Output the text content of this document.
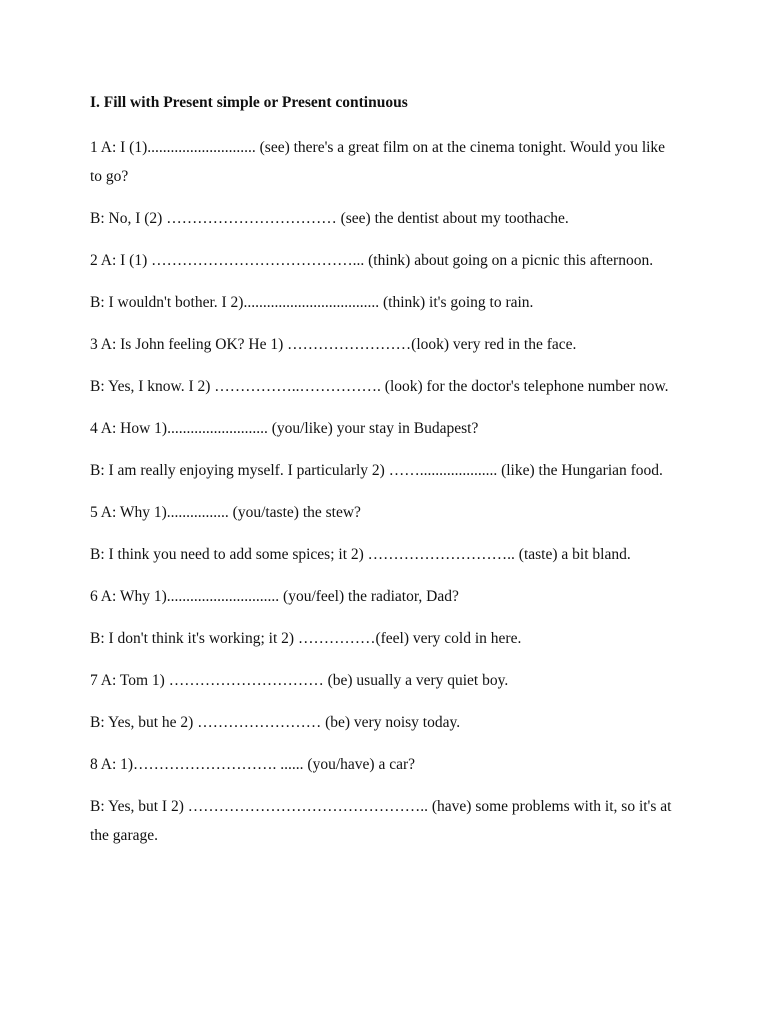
I. Fill with Present simple or Present continuous
1 A: I (1)............................ (see) there's a great film on at the cinema tonight. Would you like to go?
B: No, I (2) …………………………… (see) the dentist about my toothache.
2 A: I (1) …………………………………... (think) about going on a picnic this afternoon.
B: I wouldn't bother. I 2)................................... (think) it's going to rain.
3 A: Is John feeling OK? He 1) ……………………(look) very red in the face.
B: Yes, I know. I 2) ……………..……………. (look) for the doctor's telephone number now.
4 A: How 1).......................... (you/like) your stay in Budapest?
B: I am really enjoying myself. I particularly 2) …….................... (like) the Hungarian food.
5 A: Why 1)................ (you/taste) the stew?
B: I think you need to add some spices; it 2) ……………………….. (taste) a bit bland.
6 A: Why 1)............................. (you/feel) the radiator, Dad?
B: I don't think it's working; it 2) ……………(feel) very cold in here.
7 A: Tom 1) ………………………… (be) usually a very quiet boy.
B: Yes, but he 2) …………………… (be) very noisy today.
8 A: 1)………………………. ...... (you/have) a car?
B: Yes, but I 2) ……………………………………….. (have) some problems with it, so it's at the garage.
